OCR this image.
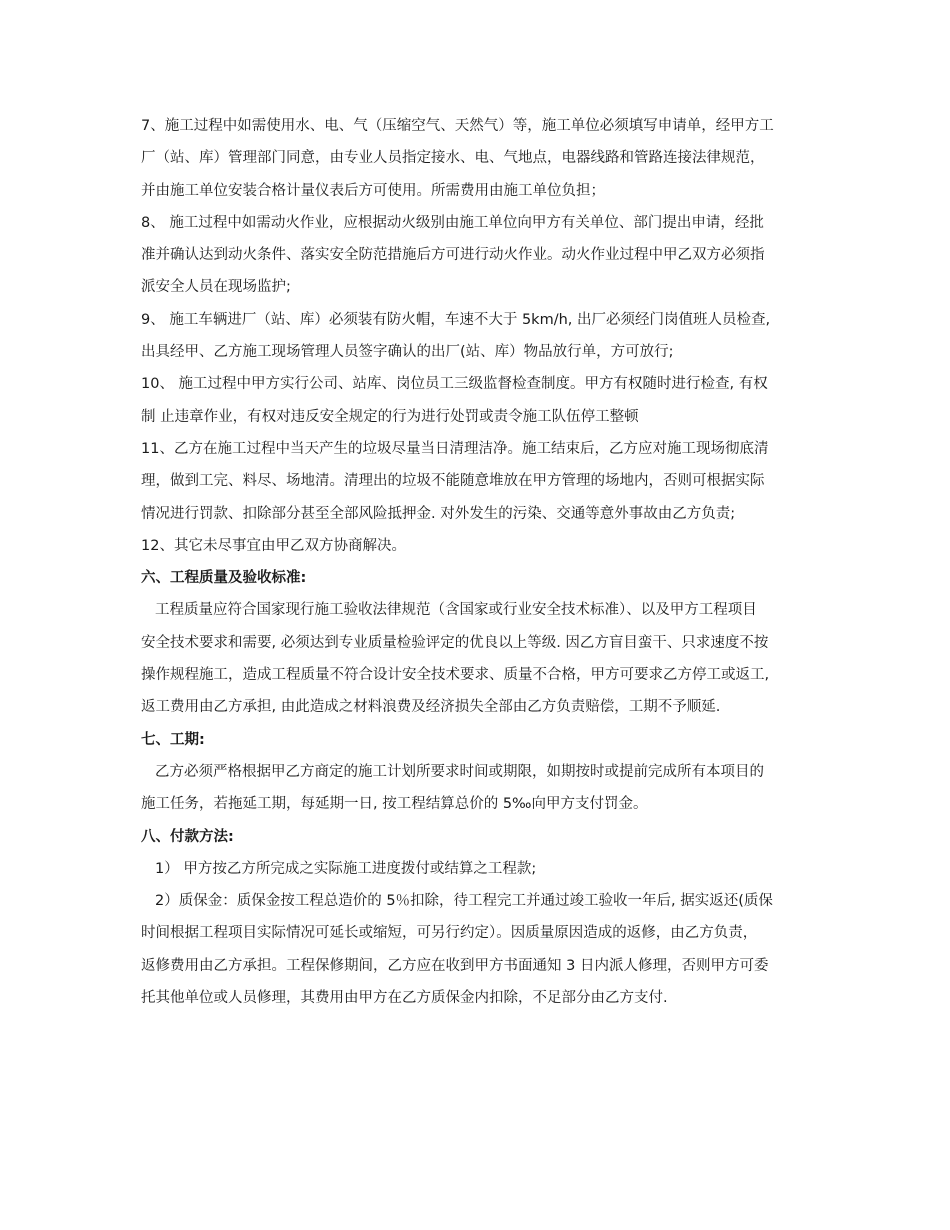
7、施工过程中如需使用水、电、气（压缩空气、天然气）等，施工单位必须填写申请单，经甲方工
厂（站、库）管理部门同意，由专业人员指定接水、电、气地点，电器线路和管路连接法律规范，
并由施工单位安装合格计量仪表后方可使用。所需费用由施工单位负担；
8、 施工过程中如需动火作业，应根据动火级别由施工单位向甲方有关单位、部门提出申请，经批
准并确认达到动火条件、落实安全防范措施后方可进行动火作业。动火作业过程中甲乙双方必须指
派安全人员在现场监护;
9、 施工车辆进厂（站、库）必须装有防火帽，车速不大于 5km/h, 出厂必须经门岗值班人员检查,
出具经甲、乙方施工现场管理人员签字确认的出厂(站、库）物品放行单，方可放行;
10、 施工过程中甲方实行公司、站库、岗位员工三级监督检查制度。甲方有权随时进行检查, 有权
制 止违章作业，有权对违反安全规定的行为进行处罚或责令施工队伍停工整顿
11、乙方在施工过程中当天产生的垃圾尽量当日清理洁净。施工结束后，乙方应对施工现场彻底清
理，做到工完、料尽、场地清。清理出的垃圾不能随意堆放在甲方管理的场地内，否则可根据实际
情况进行罚款、扣除部分甚至全部风险抵押金. 对外发生的污染、交通等意外事故由乙方负责;
12、其它未尽事宜由甲乙双方协商解决。
六、工程质量及验收标准:
工程质量应符合国家现行施工验收法律规范（含国家或行业安全技术标准）、以及甲方工程项目
安全技术要求和需要, 必须达到专业质量检验评定的优良以上等级. 因乙方盲目蛮干、只求速度不按
操作规程施工，造成工程质量不符合设计安全技术要求、质量不合格，甲方可要求乙方停工或返工,
返工费用由乙方承担, 由此造成之材料浪费及经济损失全部由乙方负责赔偿，工期不予顺延.
七、工期:
乙方必须严格根据甲乙方商定的施工计划所要求时间或期限，如期按时或提前完成所有本项目的
施工任务，若拖延工期，每延期一日, 按工程结算总价的 5‰向甲方支付罚金。
八、付款方法:
1） 甲方按乙方所完成之实际施工进度拨付或结算之工程款;
2）质保金：质保金按工程总造价的 5％扣除，待工程完工并通过竣工验收一年后, 据实返还(质保
时间根据工程项目实际情况可延长或缩短，可另行约定）。因质量原因造成的返修，由乙方负责，
返修费用由乙方承担。工程保修期间，乙方应在收到甲方书面通知 3 日内派人修理，否则甲方可委
托其他单位或人员修理，其费用由甲方在乙方质保金内扣除，不足部分由乙方支付.
